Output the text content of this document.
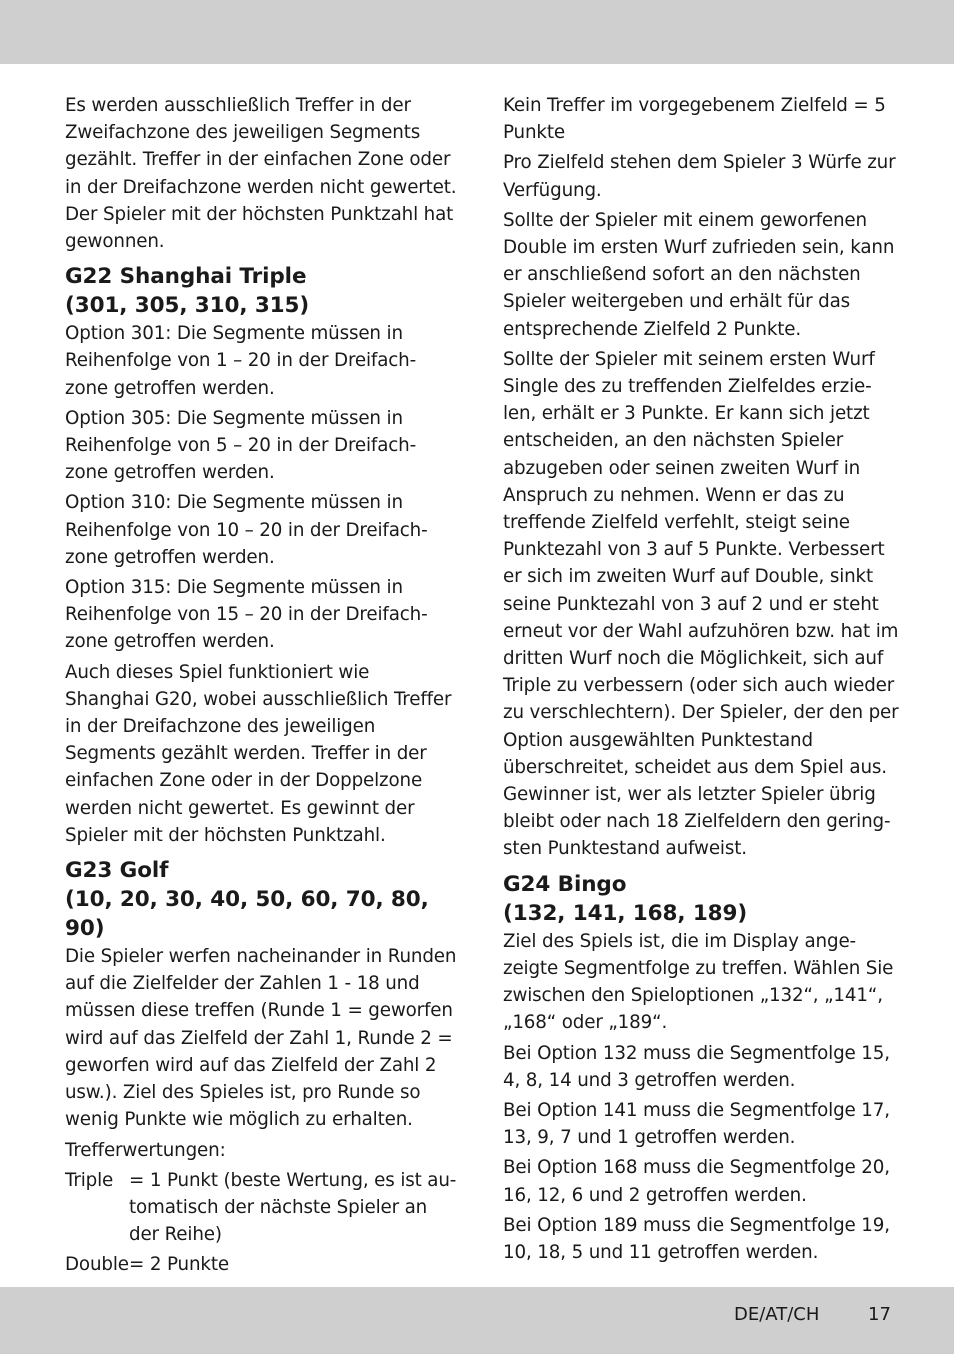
Es werden ausschließlich Treffer in der Zweifachzone des jeweiligen Segments gezählt. Treffer in der einfachen Zone oder in der Dreifachzone werden nicht gewertet. Der Spieler mit der höchsten Punktzahl hat gewonnen.

G22 Shanghai Triple
(301, 305, 310, 315)

Option 301: Die Segmente müssen in Reihenfolge von 1 – 20 in der Dreifach-zone getroffen werden.

Option 305: Die Segmente müssen in Reihenfolge von 5 – 20 in der Dreifach-zone getroffen werden.

Option 310: Die Segmente müssen in Reihenfolge von 10 – 20 in der Dreifach-zone getroffen werden.

Option 315: Die Segmente müssen in Reihenfolge von 15 – 20 in der Dreifach-zone getroffen werden.

Auch dieses Spiel funktioniert wie Shanghai G20, wobei ausschließlich Treffer in der Dreifachzone des jeweiligen Segments gezählt werden. Treffer in der einfachen Zone oder in der Doppelzone werden nicht gewertet. Es gewinnt der Spieler mit der höchsten Punktzahl.

G23 Golf
(10, 20, 30, 40, 50, 60, 70, 80, 90)

Die Spieler werfen nacheinander in Runden auf die Zielfelder der Zahlen 1 - 18 und müssen diese treffen (Runde 1 = geworfen wird auf das Zielfeld der Zahl 1, Runde 2 = geworfen wird auf das Zielfeld der Zahl 2 usw.). Ziel des Spieles ist, pro Runde so wenig Punkte wie möglich zu erhalten.

Trefferwertungen:

Triple = 1 Punkt (beste Wertung, es ist au-tomatisch der nächste Spieler an der Reihe)
Double = 2 Punkte

Kein Treffer im vorgegebenem Zielfeld = 5 Punkte

Pro Zielfeld stehen dem Spieler 3 Würfe zur Verfügung.

Sollte der Spieler mit einem geworfenen Double im ersten Wurf zufrieden sein, kann er anschließend sofort an den nächsten Spieler weitergeben und erhält für das entsprechende Zielfeld 2 Punkte.

Sollte der Spieler mit seinem ersten Wurf Single des zu treffenden Zielfeldes erzie-len, erhält er 3 Punkte. Er kann sich jetzt entscheiden, an den nächsten Spieler abzugeben oder seinen zweiten Wurf in Anspruch zu nehmen. Wenn er das zu treffende Zielfeld verfehlt, steigt seine Punktezahl von 3 auf 5 Punkte. Verbessert er sich im zweiten Wurf auf Double, sinkt seine Punktezahl von 3 auf 2 und er steht erneut vor der Wahl aufzuhören bzw. hat im dritten Wurf noch die Möglichkeit, sich auf Triple zu verbessern (oder sich auch wieder zu verschlechtern). Der Spieler, der den per Option ausgewählten Punktestand überschreitet, scheidet aus dem Spiel aus. Gewinner ist, wer als letzter Spieler übrig bleibt oder nach 18 Zielfeldern den gering-sten Punktestand aufweist.

G24 Bingo
(132, 141, 168, 189)

Ziel des Spiels ist, die im Display ange-zeigte Segmentfolge zu treffen. Wählen Sie zwischen den Spieloptionen „132“, „141“, „168“ oder „189“.

Bei Option 132 muss die Segmentfolge 15, 4, 8, 14 und 3 getroffen werden.

Bei Option 141 muss die Segmentfolge 17, 13, 9, 7 und 1 getroffen werden.

Bei Option 168 muss die Segmentfolge 20, 16, 12, 6 und 2 getroffen werden.

Bei Option 189 muss die Segmentfolge 19, 10, 18, 5 und 11 getroffen werden.

DE/AT/CH	17
